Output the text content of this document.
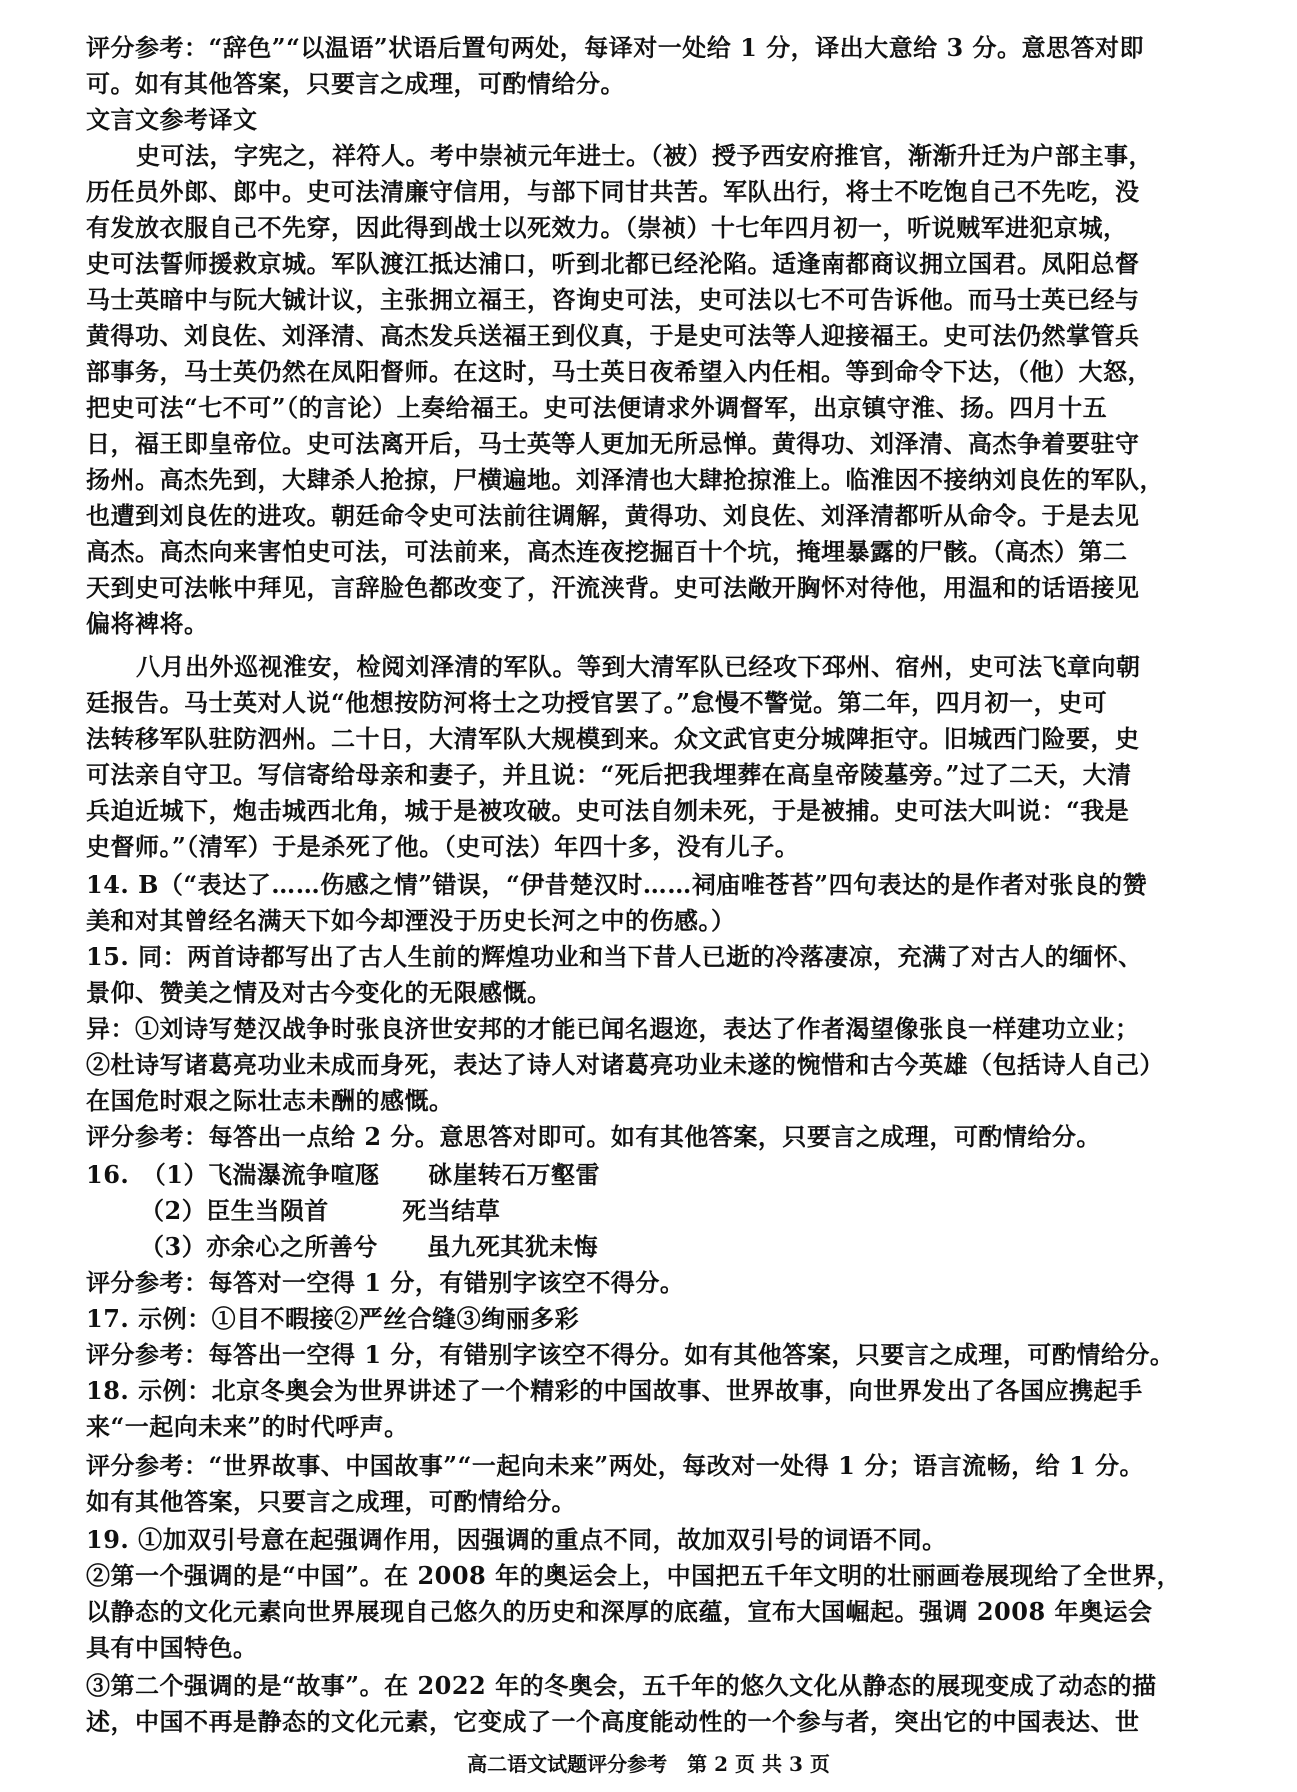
评分参考：“辞色”“以温语”状语后置句两处，每译对一处给 1 分，译出大意给 3 分。意思答对即
可。如有其他答案，只要言之成理，可酌情给分。
文言文参考译文
史可法，字宪之，祥符人。考中崇祯元年进士。（被）授予西安府推官，渐渐升迁为户部主事，
历任员外郎、郎中。史可法清廉守信用，与部下同甘共苦。军队出行，将士不吃饱自己不先吃，没
有发放衣服自己不先穿，因此得到战士以死效力。（崇祯）十七年四月初一，听说贼军进犯京城，
史可法誓师援救京城。军队渡江抵达浦口，听到北都已经沦陷。适逢南都商议拥立国君。凤阳总督
马士英暗中与阮大铖计议，主张拥立福王，咨询史可法，史可法以七不可告诉他。而马士英已经与
黄得功、刘良佐、刘泽清、高杰发兵送福王到仪真，于是史可法等人迎接福王。史可法仍然掌管兵
部事务，马士英仍然在凤阳督师。在这时，马士英日夜希望入内任相。等到命令下达，（他）大怒，
把史可法“七不可”（的言论）上奏给福王。史可法便请求外调督军，出京镇守淮、扬。四月十五
日，福王即皇帝位。史可法离开后，马士英等人更加无所忌惮。黄得功、刘泽清、高杰争着要驻守
扬州。高杰先到，大肆杀人抢掠，尸横遍地。刘泽清也大肆抢掠淮上。临淮因不接纳刘良佐的军队，
也遭到刘良佐的进攻。朝廷命令史可法前往调解，黄得功、刘良佐、刘泽清都听从命令。于是去见
高杰。高杰向来害怕史可法，可法前来，高杰连夜挖掘百十个坑，掩埋暴露的尸骸。（高杰）第二
天到史可法帐中拜见，言辞脸色都改变了，汗流浃背。史可法敞开胸怀对待他，用温和的话语接见
偏将裨将。
八月出外巡视淮安，检阅刘泽清的军队。等到大清军队已经攻下邳州、宿州，史可法飞章向朝
廷报告。马士英对人说“他想按防河将士之功授官罢了。”怠慢不警觉。第二年，四月初一，史可
法转移军队驻防泗州。二十日，大清军队大规模到来。众文武官吏分城陴拒守。旧城西门险要，史
可法亲自守卫。写信寄给母亲和妻子，并且说：“死后把我埋葬在高皇帝陵墓旁。”过了二天，大清
兵迫近城下，炮击城西北角，城于是被攻破。史可法自刎未死，于是被捕。史可法大叫说：“我是
史督师。”（清军）于是杀死了他。（史可法）年四十多，没有儿子。
14. B（“表达了……伤感之情”错误，“伊昔楚汉时……祠庙唯苍苔”四句表达的是作者对张良的赞
美和对其曾经名满天下如今却湮没于历史长河之中的伤感。）
15. 同：两首诗都写出了古人生前的辉煌功业和当下昔人已逝的冷落凄凉，充满了对古人的缅怀、
景仰、赞美之情及对古今变化的无限感慨。
异：①刘诗写楚汉战争时张良济世安邦的才能已闻名遐迩，表达了作者渴望像张良一样建功立业；
②杜诗写诸葛亮功业未成而身死，表达了诗人对诸葛亮功业未遂的惋惜和古今英雄（包括诗人自己）
在国危时艰之际壮志未酬的感慨。
评分参考：每答出一点给 2 分。意思答对即可。如有其他答案，只要言之成理，可酌情给分。
16.　（1）飞湍瀑流争喧豗　　砯崖转石万壑雷
（2）臣生当陨首　　　死当结草
（3）亦余心之所善兮　　虽九死其犹未悔
评分参考：每答对一空得 1 分，有错别字该空不得分。
17. 示例：①目不暇接②严丝合缝③绚丽多彩
评分参考：每答出一空得 1 分，有错别字该空不得分。如有其他答案，只要言之成理，可酌情给分。
18. 示例：北京冬奥会为世界讲述了一个精彩的中国故事、世界故事，向世界发出了各国应携起手
来“一起向未来”的时代呼声。
评分参考：“世界故事、中国故事”“一起向未来”两处，每改对一处得 1 分；语言流畅，给 1 分。
如有其他答案，只要言之成理，可酌情给分。
19. ①加双引号意在起强调作用，因强调的重点不同，故加双引号的词语不同。
②第一个强调的是“中国”。在 2008 年的奥运会上，中国把五千年文明的壮丽画卷展现给了全世界，
以静态的文化元素向世界展现自己悠久的历史和深厚的底蕴，宣布大国崛起。强调 2008 年奥运会
具有中国特色。
③第二个强调的是“故事”。在 2022 年的冬奥会，五千年的悠久文化从静态的展现变成了动态的描
述，中国不再是静态的文化元素，它变成了一个高度能动性的一个参与者，突出它的中国表达、世
高二语文试题评分参考　第 2 页 共 3 页
